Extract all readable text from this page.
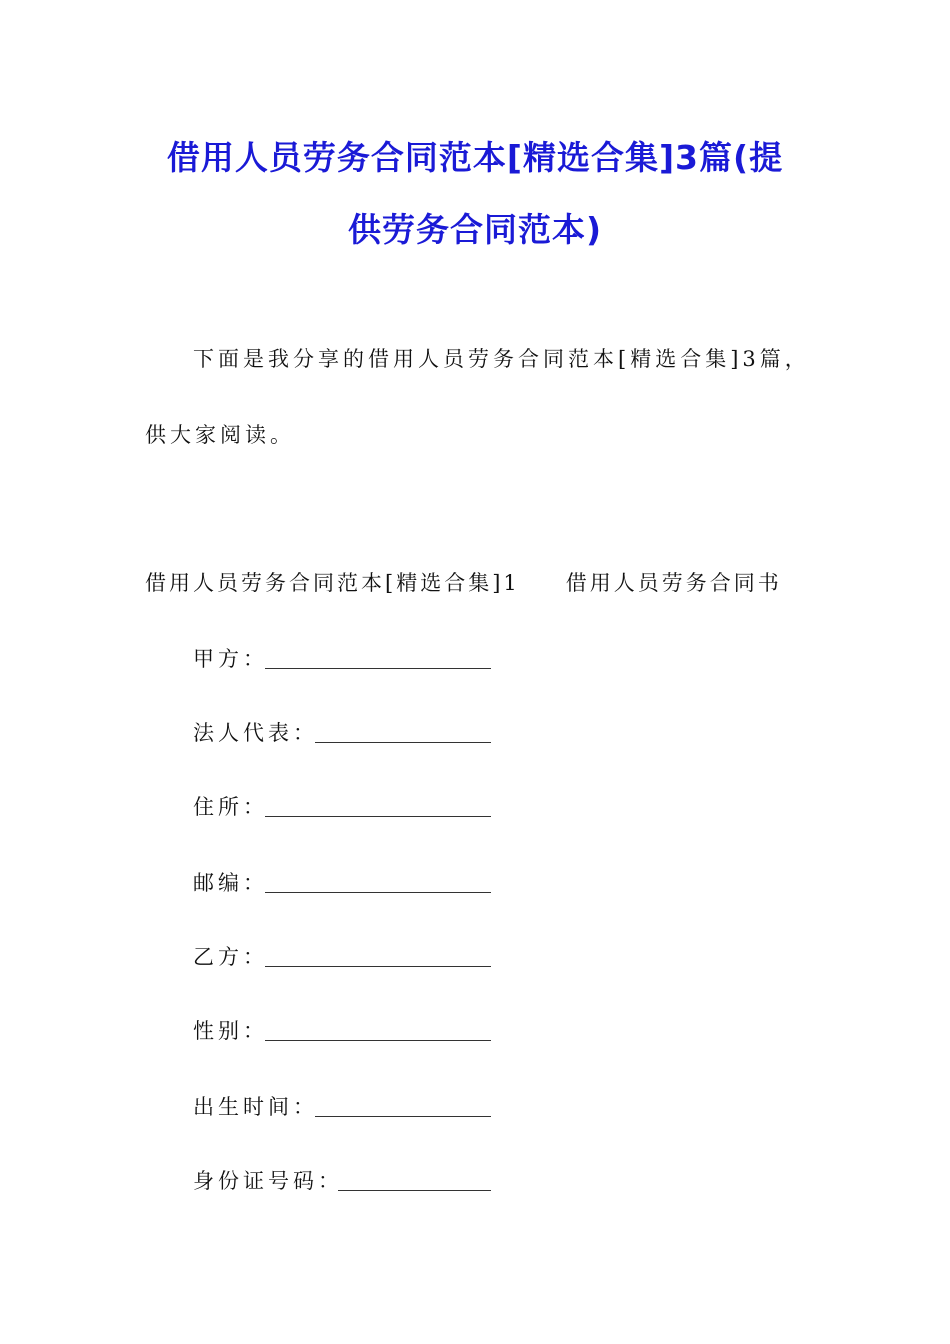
借用人员劳务合同范本[精选合集]3篇(提
供劳务合同范本)
下面是我分享的借用人员劳务合同范本[精选合集]3篇，
供大家阅读。
借用人员劳务合同范本[精选合集]1 借用人员劳务合同书
甲方：
法人代表：
住所：
邮编：
乙方：
性别：
出生时间：
身份证号码：
